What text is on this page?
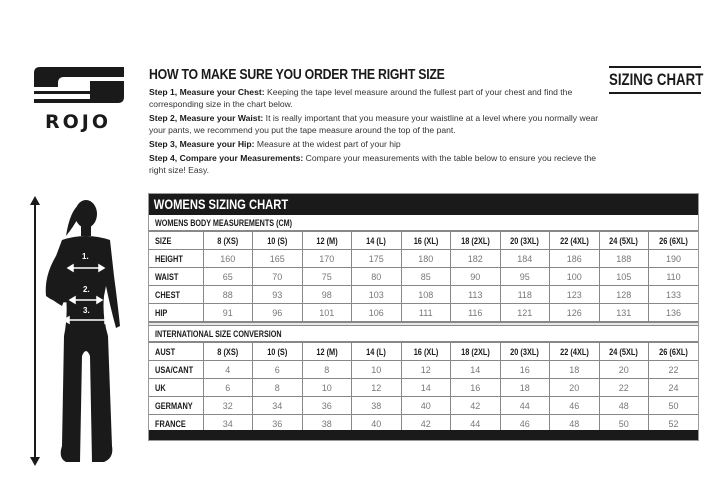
ROJO
HOW TO MAKE SURE YOU ORDER THE RIGHT SIZE
Step 1, Measure your Chest: Keeping the tape level measure around the fullest part of your chest and find the corresponding size in the chart below.
Step 2, Measure your Waist: It is really important that you measure your waistline at a level where you normally wear your pants, we recommend you put the tape measure around the top of the pant.
Step 3, Measure your Hip: Measure at the widest part of your hip
Step 4, Compare your Measurements: Compare your measurements with the table below to ensure you recieve the right size! Easy.
SIZING CHART
1.
2.
3.
WOMENS SIZING CHART
WOMENS BODY MEASUREMENTS (CM)
SIZE	8 (XS)	10 (S)	12 (M)	14 (L)	16 (XL)	18 (2XL)	20 (3XL)	22 (4XL)	24 (5XL)	26 (6XL)
HEIGHT	160	165	170	175	180	182	184	186	188	190
WAIST	65	70	75	80	85	90	95	100	105	110
CHEST	88	93	98	103	108	113	118	123	128	133
HIP	91	96	101	106	111	116	121	126	131	136
INTERNATIONAL SIZE CONVERSION
AUST	8 (XS)	10 (S)	12 (M)	14 (L)	16 (XL)	18 (2XL)	20 (3XL)	22 (4XL)	24 (5XL)	26 (6XL)
USA/CANT	4	6	8	10	12	14	16	18	20	22
UK	6	8	10	12	14	16	18	20	22	24
GERMANY	32	34	36	38	40	42	44	46	48	50
FRANCE	34	36	38	40	42	44	46	48	50	52
